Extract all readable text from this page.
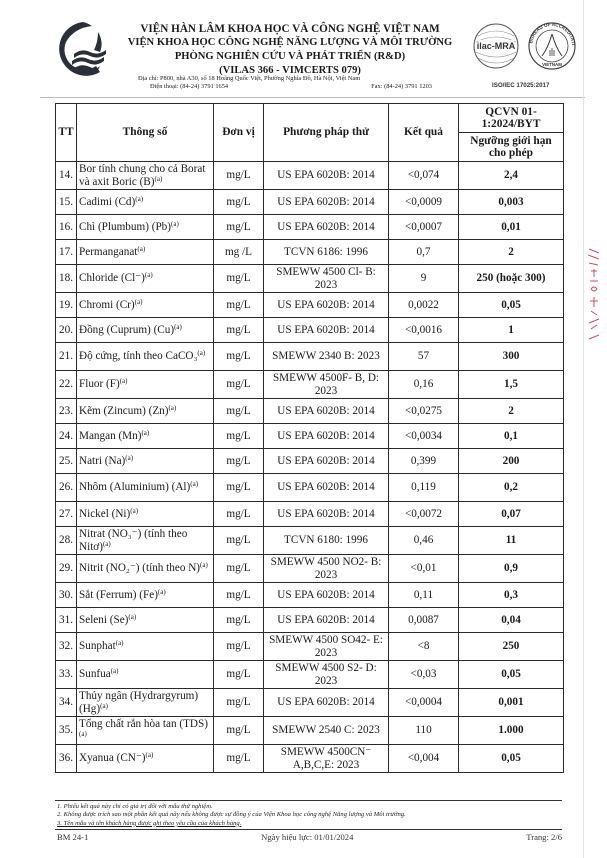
VIỆN HÀN LÂM KHOA HỌC VÀ CÔNG NGHỆ VIỆT NAM
VIỆN KHOA HỌC CÔNG NGHỆ NĂNG LƯỢNG VÀ MÔI TRƯỜNG
PHÒNG NGHIÊN CỨU VÀ PHÁT TRIỂN (R&D)
(VILAS 366 - VIMCERTS 079)
Địa chỉ: P800, nhà A30, số 18 Hoàng Quốc Việt, Phường Nghĩa Đô, Hà Nội, Việt Nam
Điện thoại: (84-24) 3791 1654	Fax: (84-24) 3791 1203
ilac-MRA	BUREAU OF ACCREDITATI
VIETNAM
ISO/IEC 17025:2017
TT	Thông số	Đơn vị	Phương pháp thử	Kết quả	QCVN 01-1:2024/BYT
					Ngưỡng giới hạn cho phép
14.	Bor tính chung cho cả Borat và axit Boric $(B)^{(a)}$	mg/L	US EPA 6020B: 2014	<0,074	2,4
15.	Cadimi $(Cd)^{(a)}$	mg/L	US EPA 6020B: 2014	<0,0009	0,003
16.	Chì (Plumbum) $(Pb)^{(a)}$	mg/L	US EPA 6020B: 2014	<0,0007	0,01
17.	Permanganat$^{(a)}$	mg /L	TCVN 6186: 1996	0,7	2
18.	Chloride $(Cl^-)^{(a)}$	mg/L	SMEWW 4500 Cl- B: 2023	9	250 (hoặc 300)
19.	Chromi $(Cr)^{(a)}$	mg/L	US EPA 6020B: 2014	0,0022	0,05
20.	Đồng (Cuprum) $(Cu)^{(a)}$	mg/L	US EPA 6020B: 2014	<0,0016	1
21.	Độ cứng, tính theo CaCO₃$^{(a)}$	mg/L	SMEWW 2340 B: 2023	57	300
22.	Fluor $(F)^{(a)}$	mg/L	SMEWW 4500F- B, D: 2023	0,16	1,5
23.	Kẽm (Zincum) $(Zn)^{(a)}$	mg/L	US EPA 6020B: 2014	<0,0275	2
24.	Mangan $(Mn)^{(a)}$	mg/L	US EPA 6020B: 2014	<0,0034	0,1
25.	Natri $(Na)^{(a)}$	mg/L	US EPA 6020B: 2014	0,399	200
26.	Nhôm (Aluminium) $(Al)^{(a)}$	mg/L	US EPA 6020B: 2014	0,119	0,2
27.	Nickel $(Ni)^{(a)}$	mg/L	US EPA 6020B: 2014	<0,0072	0,07
28.	Nitrat (NO₃⁻) (tính theo Nitơ)$^{(a)}$	mg/L	TCVN 6180: 1996	0,46	11
29.	Nitrit (NO₂⁻) (tính theo N)$^{(a)}$	mg/L	SMEWW 4500 NO2- B: 2023	<0,01	0,9
30.	Sắt (Ferrum) $(Fe)^{(a)}$	mg/L	US EPA 6020B: 2014	0,11	0,3
31.	Seleni $(Se)^{(a)}$	mg/L	US EPA 6020B: 2014	0,0087	0,04
32.	Sunphat$^{(a)}$	mg/L	SMEWW 4500 SO42- E: 2023	<8	250
33.	Sunfua$^{(a)}$	mg/L	SMEWW 4500 S2- D: 2023	<0,03	0,05
34.	Thủy ngân (Hydrargyrum) $(Hg)^{(a)}$	mg/L	US EPA 6020B: 2014	<0,0004	0,001
35.	Tổng chất rắn hòa tan (TDS)$^{(a)}$	mg/L	SMEWW 2540 C: 2023	110	1.000
36.	Xyanua $(CN^-)^{(a)}$	mg/L	SMEWW 4500CN⁻ A,B,C,E: 2023	<0,004	0,05
1. Phiếu kết quả này chỉ có giá trị đối với mẫu thử nghiệm.
2. Không được trích sao một phần kết quả này nếu không được sự đồng ý của Viện Khoa học công nghệ Năng lượng và Môi trường.
3. Tên mẫu và tên khách hàng được ghi theo yêu cầu của khách hàng.
BM 24-1	Ngày hiệu lực: 01/01/2024	Trang: 2/6
